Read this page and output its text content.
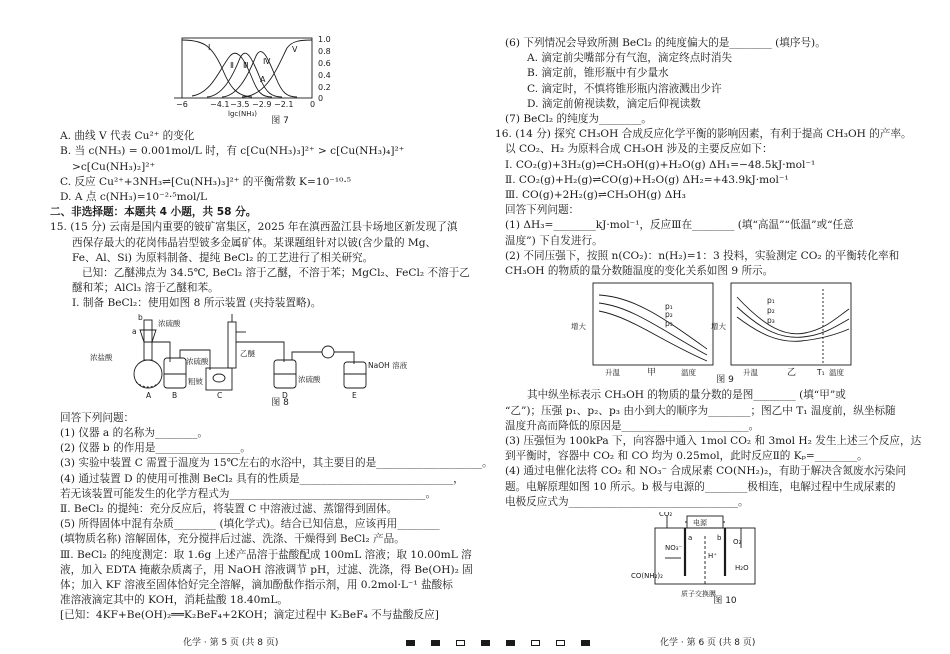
Ⅰ
Ⅱ Ⅲ Ⅳ
Ⅴ
A
1.0
0.8
0.6
0.4
0.2
0
−6	−4.1 −3.5 −2.9 −2.1 0
lgc(NH₃)
图 7
A. 曲线 V 代表 Cu²⁺ 的变化
B. 当 c(NH₃) = 0.001mol/L 时，有 c[Cu(NH₃)₃]²⁺ > c[Cu(NH₃)₄]²⁺
>c[Cu(NH₃)₂]²⁺
C. 反应 Cu²⁺+3NH₃⇌[Cu(NH₃)₃]²⁺ 的平衡常数 K=10⁻¹⁰·⁵
D. A 点 c(NH₃)=10⁻²·⁵mol/L
二、非选择题：本题共 4 小题，共 58 分。
15. (15 分) 云南是国内重要的铍矿富集区，2025 年在滇西盈江县卡场地区新发现了滇
西保存最大的花岗伟晶岩型铍多金属矿体。某课题组针对以铍(含少量的 Mg、
Fe、Al、Si) 为原料制备、提纯 BeCl₂ 的工艺进行了相关研究。
已知：乙醚沸点为 34.5℃, BeCl₂ 溶于乙醚，不溶于苯；MgCl₂、FeCl₂ 不溶于乙
醚和苯；AlCl₃ 溶于乙醚和苯。
Ⅰ. 制备 BeCl₂：使用如图 8 所示装置 (夹持装置略)。
a
b
浓硫酸
浓盐酸	浓硫酸
粗铍
乙醚
浓硫酸
NaOH 溶液
A	B	C	D	E
图 8
回答下列问题：
(1) 仪器 a 的名称为________。
(2) 仪器 b 的作用是________________。
(3) 实验中装置 C 需置于温度为 15℃左右的水浴中，其主要目的是____________________。
(4) 通过装置 D 的使用可推测 BeCl₂ 具有的性质是_____________________________，
若无该装置可能发生的化学方程式为_____________________________________。
Ⅱ. BeCl₂ 的提纯：充分反应后，将装置 C 中溶液过滤、蒸馏得到固体。
(5) 所得固体中混有杂质________ (填化学式)。结合已知信息，应该再用________
(填物质名称) 溶解固体，充分搅拌后过滤、洗涤、干燥得到 BeCl₂ 产品。
Ⅲ. BeCl₂ 的纯度测定：取 1.6g 上述产品溶于盐酸配成 100mL 溶液；取 10.00mL 溶
液，加入 EDTA 掩蔽杂质离子，用 NaOH 溶液调节 pH，过滤、洗涤，得 Be(OH)₂ 固
体；加入 KF 溶液至固体恰好完全溶解，滴加酚酞作指示剂，用 0.2mol·L⁻¹ 盐酸标
准溶液滴定其中的 KOH，消耗盐酸 18.40mL。
[已知：4KF+Be(OH)₂══K₂BeF₄+2KOH；滴定过程中 K₂BeF₄ 不与盐酸反应]
(6) 下列情况会导致所测 BeCl₂ 的纯度偏大的是________ (填序号)。
A. 滴定前尖嘴部分有气泡，滴定终点时消失
B. 滴定前，锥形瓶中有少量水
C. 滴定时，不慎将锥形瓶内溶液溅出少许
D. 滴定前俯视读数，滴定后仰视读数
(7) BeCl₂ 的纯度为________。
16. (14 分) 探究 CH₃OH 合成反应化学平衡的影响因素，有利于提高 CH₃OH 的产率。
以 CO₂、H₂ 为原料合成 CH₃OH 涉及的主要反应如下：
Ⅰ. CO₂(g)+3H₂(g)⇌CH₃OH(g)+H₂O(g) ΔH₁=−48.5kJ·mol⁻¹
Ⅱ. CO₂(g)+H₂(g)⇌CO(g)+H₂O(g) ΔH₂=+43.9kJ·mol⁻¹
Ⅲ. CO(g)+2H₂(g)⇌CH₃OH(g) ΔH₃
回答下列问题：
(1) ΔH₃=________kJ·mol⁻¹，反应Ⅲ在________ (填“高温”“低温”或“任意
温度”) 下自发进行。
(2) 不同压强下，按照 n(CO₂)：n(H₂)=1：3 投料，实验测定 CO₂ 的平衡转化率和
CH₃OH 的物质的量分数随温度的变化关系如图 9 所示。
p₁
p₂
p₃
p₁
p₂
p₃
增大	增大
升温	温度	升温	温度
T₁
甲	乙
图 9
其中纵坐标表示 CH₃OH 的物质的量分数的是图________ (填“甲”或
“乙”)；压强 p₁、p₂、p₃ 由小到大的顺序为________；图乙中 T₁ 温度前，纵坐标随
温度升高而降低的原因是________________________。
(3) 压强恒为 100kPa 下，向容器中通入 1mol CO₂ 和 3mol H₂ 发生上述三个反应，达
到平衡时，容器中 CO₂ 和 CO 均为 0.25mol，此时反应Ⅱ的 Kₚ=________。
(4) 通过电催化法将 CO₂ 和 NO₃⁻ 合成尿素 CO(NH₂)₂，有助于解决含氮废水污染问
题。电解原理如图 10 所示。b 极与电源的________极相连，电解过程中生成尿素的
电极反应式为________________________________。
CO₂
电源
NO₃⁻
H⁺
O₂
CO(NH₂)₂
H₂O
质子交换膜
a	b
图 10
化学 · 第 5 页 (共 8 页)	化学 · 第 6 页 (共 8 页)
